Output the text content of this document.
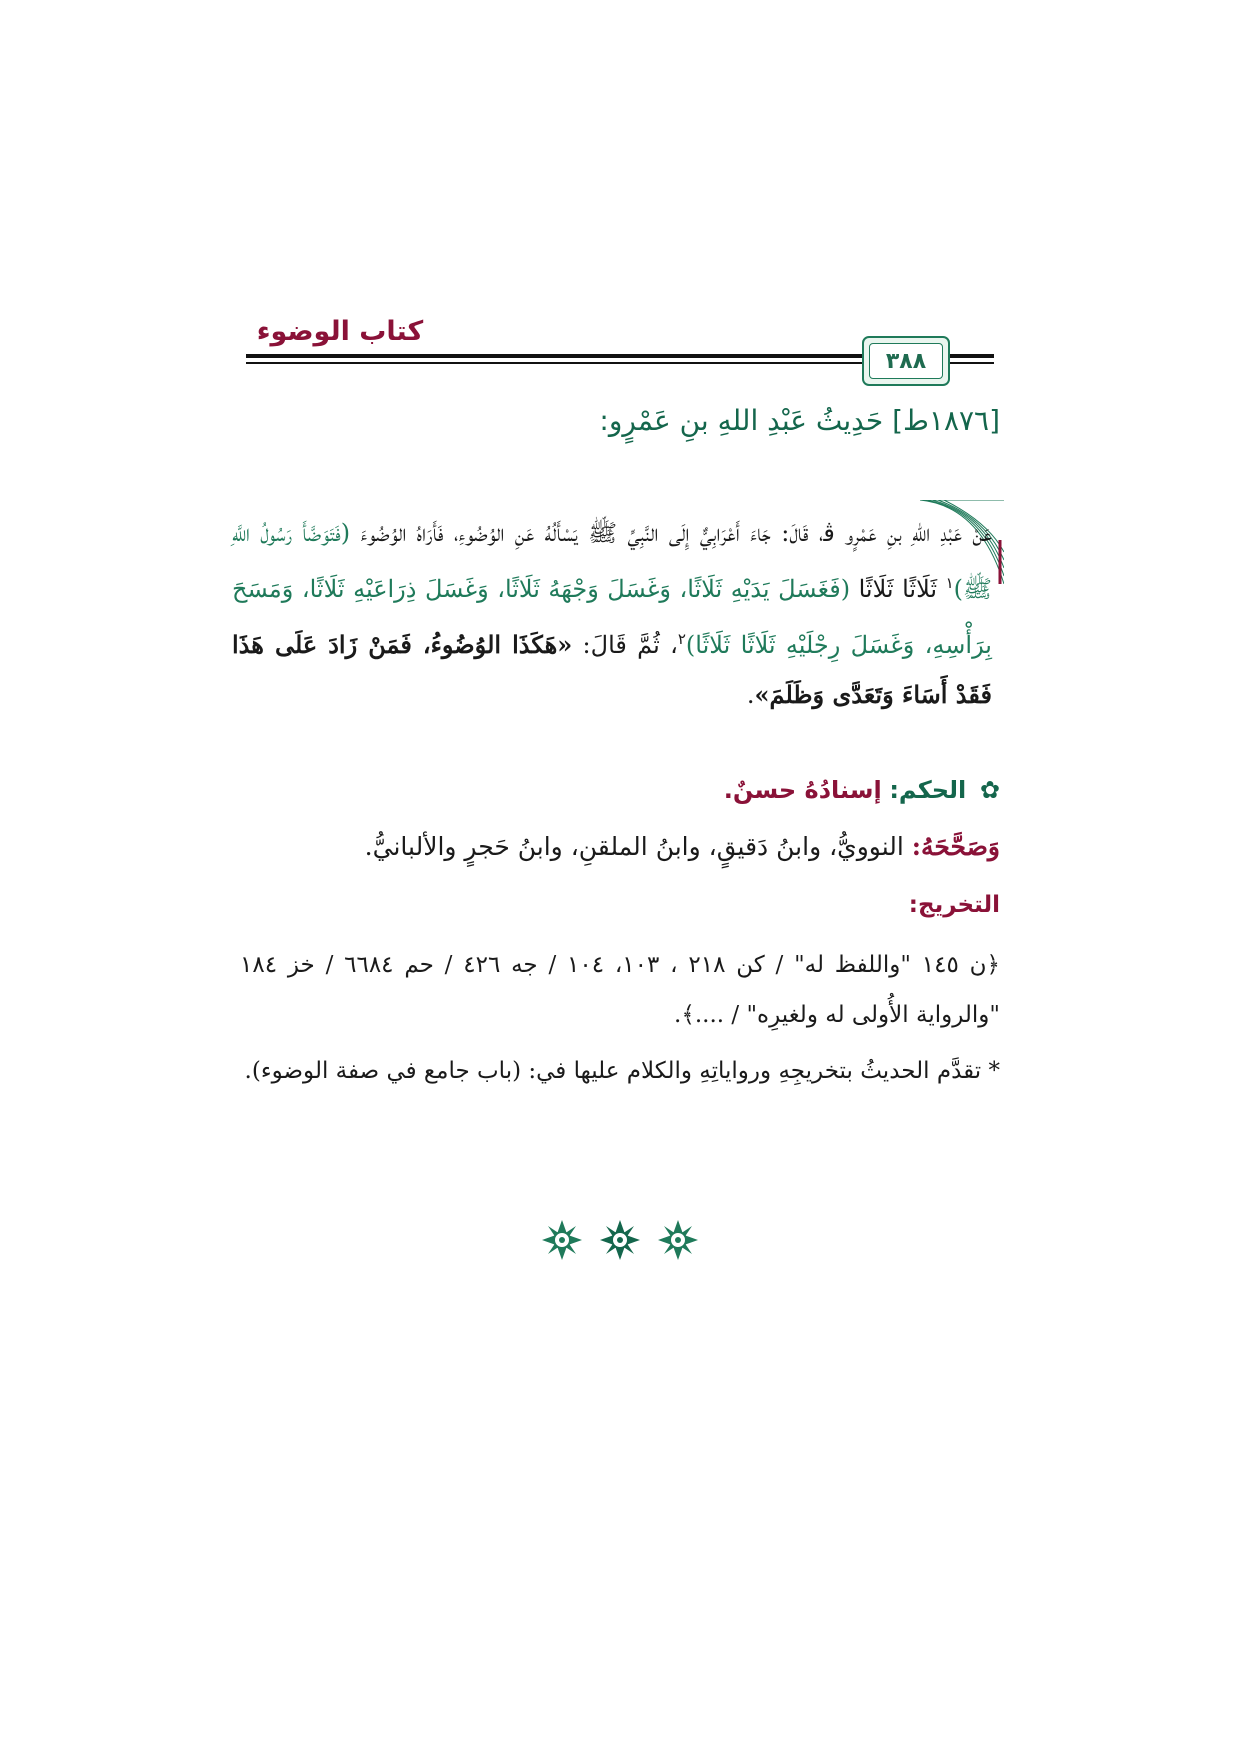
كتاب الوضوء
٣٨٨
[١٨٧٦ط] حَدِيثُ عَبْدِ اللهِ بنِ عَمْرٍو:
عَنْ عَبْدِ اللهِ بنِ عَمْرٍو ﭬ، قَالَ: جَاءَ أَعْرَابِيٌّ إِلَى النَّبِيِّ ﷺ يَسْأَلُهُ عَنِ الوُضُوءِ، فَأَرَاهُ الوُضُوءَ (فَتَوَضَّأَ رَسُولُ اللَّهِ ﷺ)$^١$ ثَلَاثًا ثَلَاثًا (فَغَسَلَ يَدَيْهِ ثَلَاثًا، وَغَسَلَ وَجْهَهُ ثَلَاثًا، وَغَسَلَ ذِرَاعَيْهِ ثَلَاثًا، وَمَسَحَ بِرَأْسِهِ، وَغَسَلَ رِجْلَيْهِ ثَلَاثًا ثَلَاثًا)$^٢$، ثُمَّ قَالَ: «هَكَذَا الوُضُوءُ، فَمَنْ زَادَ عَلَى هَذَا فَقَدْ أَسَاءَ وَتَعَدَّى وَظَلَمَ».
✿ الحكم: إسنادُهُ حسنٌ.
وَصَحَّحَهُ: النوويُّ، وابنُ دَقيقٍ، وابنُ الملقنِ، وابنُ حَجرٍ والألبانيُّ.
التخريج:
﴿ن ١٤٥ "واللفظ له" / كن ٢١٨ ، ١٠٣، ١٠٤ / جه ٤٢٦ / حم ٦٦٨٤ / خز ١٨٤ "والرواية الأُولى له ولغيرِه" / ....﴾.
* تقدَّم الحديثُ بتخريجِهِ ورواياتِهِ والكلام عليها في: (باب جامع في صفة الوضوء).
